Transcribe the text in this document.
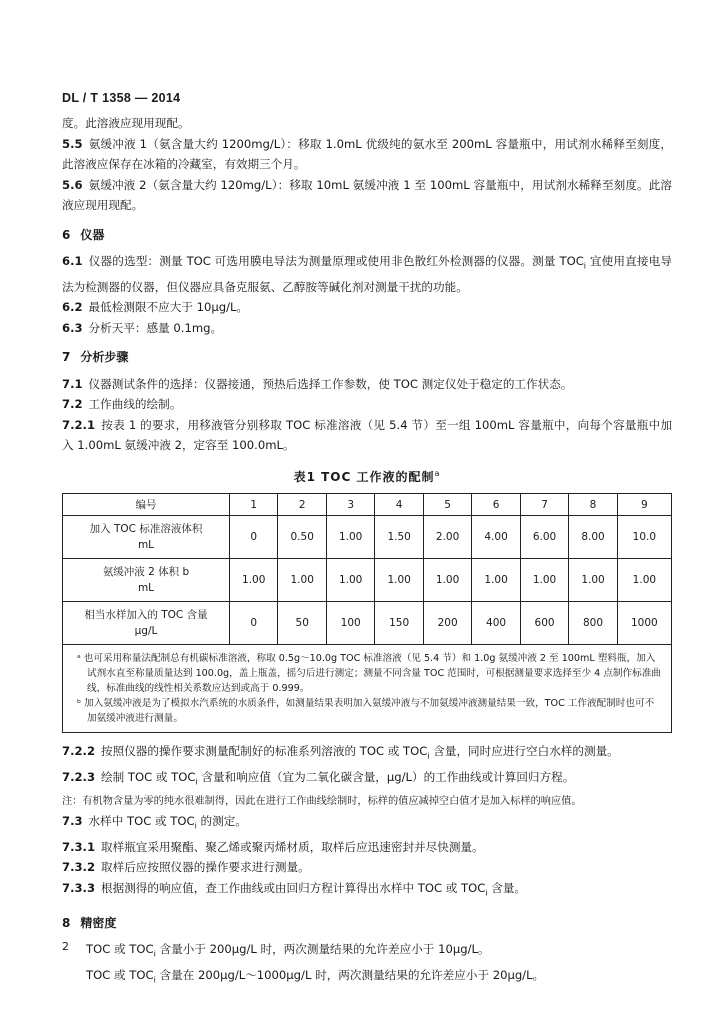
DL / T 1358 — 2014

度。此溶液应现用现配。

5.5 氨缓冲液 1（氨含量大约 1200mg/L）：移取 1.0mL 优级纯的氨水至 200mL 容量瓶中，用试剂水稀释至刻度，此溶液应保存在冰箱的冷藏室，有效期三个月。

5.6 氨缓冲液 2（氨含量大约 120mg/L）：移取 10mL 氨缓冲液 1 至 100mL 容量瓶中，用试剂水稀释至刻度。此溶液应现用现配。

6 仪器

6.1 仪器的选型：测量 TOC 可选用膜电导法为测量原理或使用非色散红外检测器的仪器。测量 $TOC_i$ 宜使用直接电导法为检测器的仪器，但仪器应具备克服氨、乙醇胺等碱化剂对测量干扰的功能。

6.2 最低检测限不应大于 10μg/L。

6.3 分析天平：感量 0.1mg。

7 分析步骤

7.1 仪器测试条件的选择：仪器接通，预热后选择工作参数，使 TOC 测定仪处于稳定的工作状态。

7.2 工作曲线的绘制。

7.2.1 按表 1 的要求，用移液管分别移取 TOC 标准溶液（见 5.4 节）至一组 100mL 容量瓶中，向每个容量瓶中加入 1.00mL 氨缓冲液 2，定容至 100.0mL。

表1 TOC 工作液的配制$^a$
编号	1	2	3	4	5	6	7	8	9
加入 TOC 标准溶液体积
mL	0	0.50	1.00	1.50	2.00	4.00	6.00	8.00	10.0
氨缓冲液 2 体积 b
mL	1.00	1.00	1.00	1.00	1.00	1.00	1.00	1.00	1.00
相当水样加入的 TOC 含量
μg/L	0	50	100	150	200	400	600	800	1000

ᵃ 也可采用称量法配制总有机碳标准溶液，称取 0.5g～10.0g TOC 标准溶液（见 5.4 节）和 1.0g 氨缓冲液 2 至 100mL 塑料瓶，加入试剂水直至称量质量达到 100.0g，盖上瓶盖，摇匀后进行测定；测量不同含量 TOC 范围时，可根据测量要求选择至少 4 点制作标准曲线，标准曲线的线性相关系数应达到或高于 0.999。
ᵇ 加入氨缓冲液是为了模拟水汽系统的水质条件，如测量结果表明加入氨缓冲液与不加氨缓冲液测量结果一致，TOC 工作液配制时也可不加氨缓冲液进行测量。									

7.2.2 按照仪器的操作要求测量配制好的标准系列溶液的 TOC 或 $TOC_i$ 含量，同时应进行空白水样的测量。

7.2.3 绘制 TOC 或 $TOC_i$ 含量和响应值（宜为二氧化碳含量，μg/L）的工作曲线或计算回归方程。

注：有机物含量为零的纯水很难制得，因此在进行工作曲线绘制时，标样的值应减掉空白值才是加入标样的响应值。

7.3 水样中 TOC 或 $TOC_i$ 的测定。

7.3.1 取样瓶宜采用聚酯、聚乙烯或聚丙烯材质，取样后应迅速密封并尽快测量。

7.3.2 取样后应按照仪器的操作要求进行测量。

7.3.3 根据测得的响应值，查工作曲线或由回归方程计算得出水样中 TOC 或 $TOC_i$ 含量。

8 精密度

TOC 或 $TOC_i$ 含量小于 200μg/L 时，两次测量结果的允许差应小于 10μg/L。

TOC 或 $TOC_i$ 含量在 200μg/L～1000μg/L 时，两次测量结果的允许差应小于 20μg/L。

2
